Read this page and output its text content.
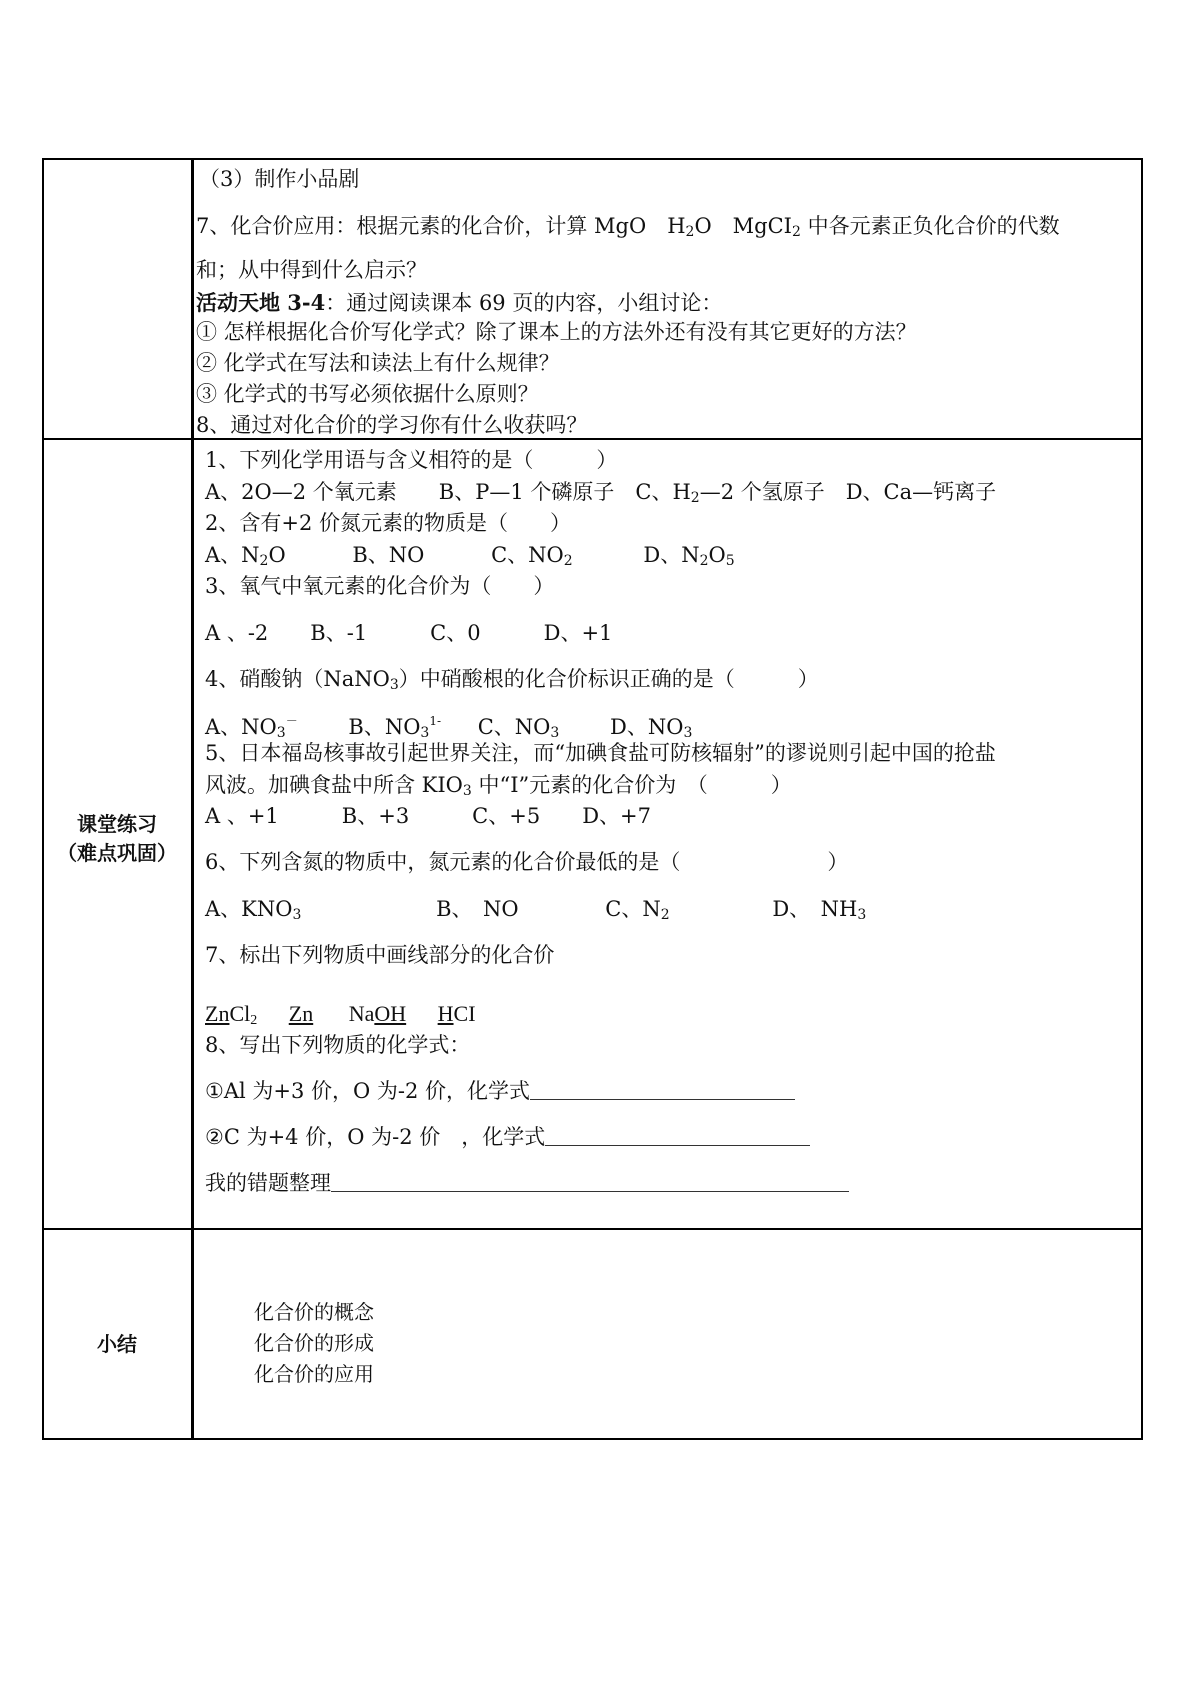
（3）制作小品剧
7、化合价应用：根据元素的化合价，计算 MgO　$H_2O$　MgCI$_2$ 中各元素正负化合价的代数
和；从中得到什么启示？
活动天地 3-4：通过阅读课本 69 页的内容，小组讨论：
① 怎样根据化合价写化学式？除了课本上的方法外还有没有其它更好的方法？
② 化学式在写法和读法上有什么规律？
③ 化学式的书写必须依据什么原则？
8、通过对化合价的学习你有什么收获吗？
课堂练习
（难点巩固）
1、下列化学用语与含义相符的是（　　　）
A、2O—2 个氧元素　　B、P—1 个磷原子　C、$H_2—2$ 个氢原子　D、Ca—钙离子
2、含有+2 价氮元素的物质是（　　）
A、$N_2O$	B、NO	C、$NO_2$	D、$N_2O_5$
3、氧气中氧元素的化合价为（　　）
A 、-2　　B、-1　　　C、0　　　D、+1
4、硝酸钠（NaNO$_3$）中硝酸根的化合价标识正确的是（　　　）
A、$NO_3^-$ B、$NO_3^{1-}$ C、$NO_3$ D、$NO_3$
5、日本福岛核事故引起世界关注，而“加碘食盐可防核辐射”的谬说则引起中国的抢盐
风波。加碘食盐中所含 $KIO_3$ 中“I”元素的化合价为　（　　　）
A 、+1　　　B、+3　　　C、+5　　D、+7
6、下列含氮的物质中，氮元素的化合价最低的是（　　　　　　　）
A、$KNO_3$	B、　NO	C、$N_2$	D、　$NH_3$
7、标出下列物质中画线部分的化合价
ZnCl$_2$ Zn NaOH HCI
8、写出下列物质的化学式：
①Al 为+3 价，O 为-2 价，化学式
②C 为+4 价，O 为-2 价　，化学式
我的错题整理
小结
化合价的概念
化合价的形成
化合价的应用
